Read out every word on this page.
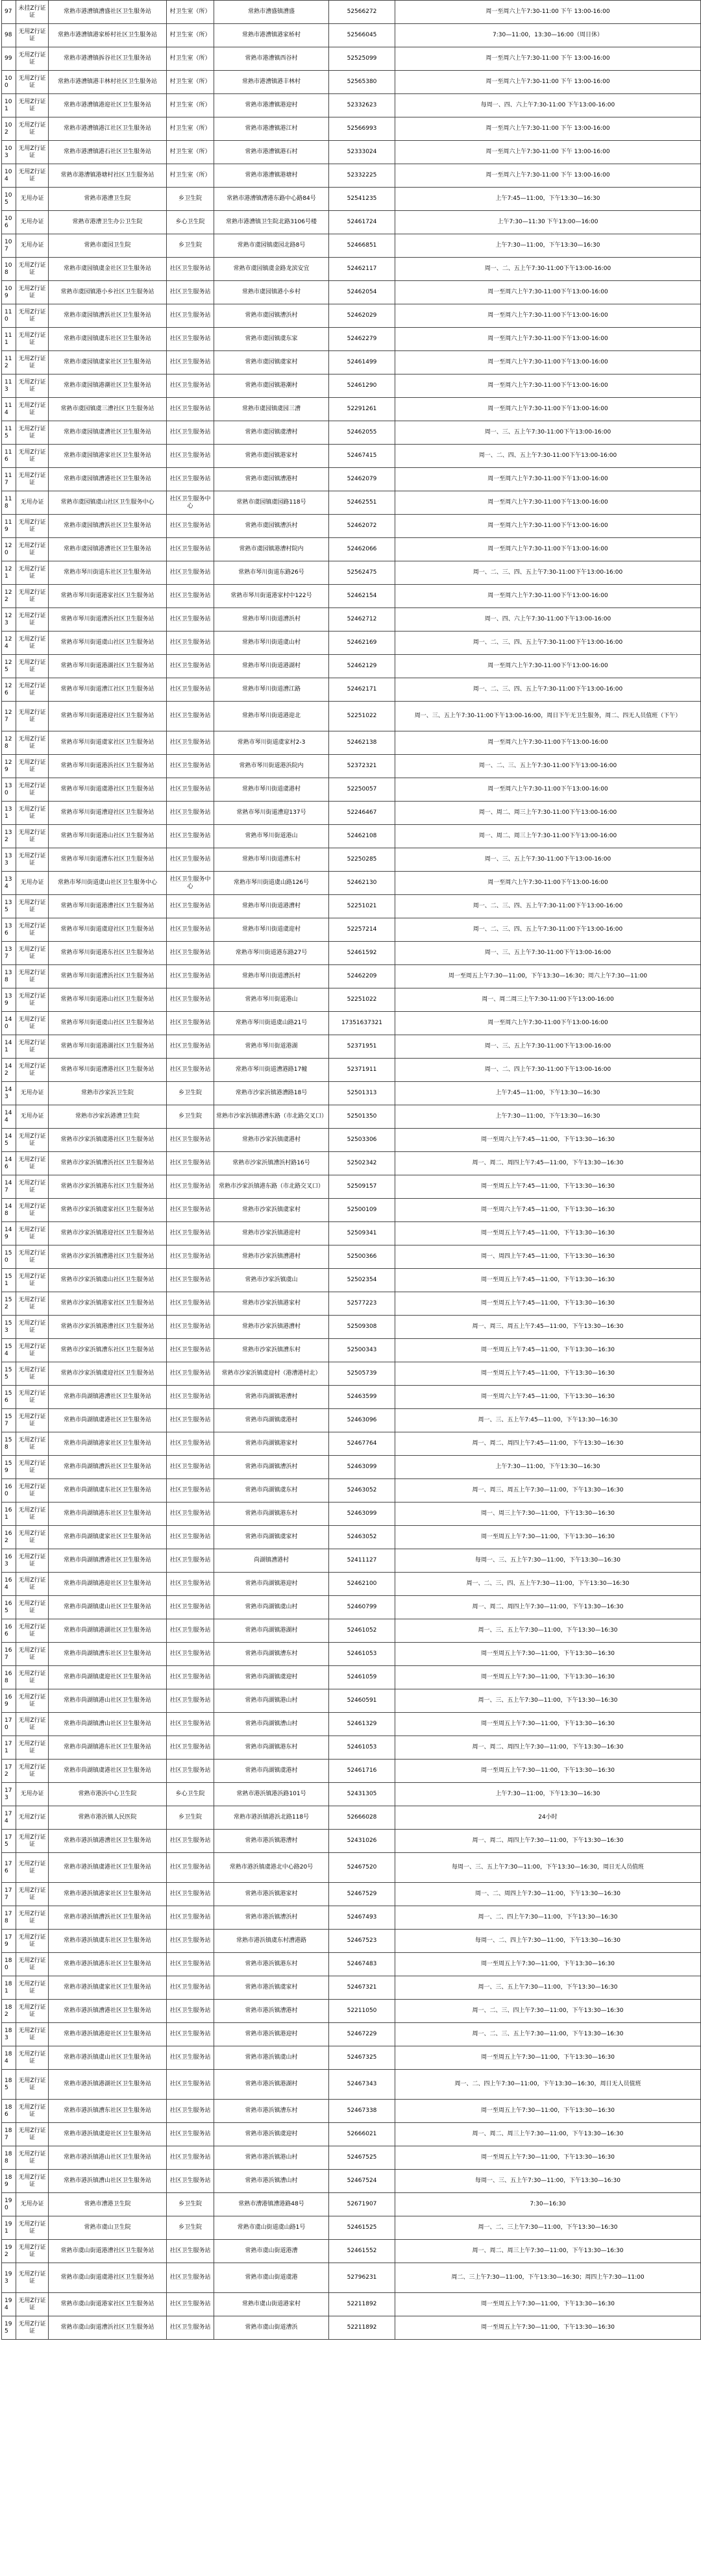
97	未挂Z行证证	常熟市港漕镇漕盛社区卫生服务站	村卫生室（所）	常熟市漕盛镇漕盛	52566272	周一至周六上午7:30-11:00 下午 13:00-16:00
98	无用Z行证证	常熟市港漕镇港家桥村社区卫生服务站	村卫生室（所）	常熟市港漕镇港家桥村	52566045	7:30—11:00，13:30—16:00（周日休）
99	无用Z行证证	常熟市港漕镇拆谷社区卫生服务站	村卫生室（所）	常熟市港漕镇西谷村	52525099	周一至周六上午7:30-11:00 下午 13:00-16:00
100	无用Z行证证	常熟市港漕镇港丰林村社区卫生服务站	村卫生室（所）	常熟市港漕镇港丰林村	52565380	周一至周六上午7:30-11:00 下午 13:00-16:00
101	无用Z行证证	常熟市港漕镇港迎社区卫生服务站	村卫生室（所）	常熟市港漕镇港迎村	52332623	每周一、四、六上午7:30-11:00 下午13:00-16:00
102	无用Z行证证	常熟市港漕镇港江社区卫生服务站	村卫生室（所）	常熟市港漕镇港江村	52566993	周一至周六上午7:30-11:00 下午 13:00-16:00
103	无用Z行证证	常熟市港漕镇港石社区卫生服务站	村卫生室（所）	常熟市港漕镇港石村	52333024	周一至周六上午7:30-11:00 下午 13:00-16:00
104	无用Z行证证	常熟市港漕镇港塘村社区卫生服务站	村卫生室（所）	常熟市港漕镇港塘村	52332225	周一至周六上午7:30-11:00 下午 13:00-16:00
105	无用办证	常熟市港漕卫生院	乡卫生院	常熟市港漕镇漕港东路中心路84号	52541235	上午7:45—11:00，下午13:30—16:30
106	无用办证	常熟市港漕卫生办公卫生院	乡心卫生院	常熟市港漕镇卫生院北路3106号楼	52461724	上午7:30—11:30 下午13:00—16:00
107	无用办证	常熟市虞园卫生院	乡卫生院	常熟市虞园镇虞园北路8号	52466851	上午7:30—11:00，下午13:30—16:30
108	无用Z行证证	常熟市虞园镇虞金社区卫生服务站	社区卫生服务站	常熟市虞园镇虞金路龙滨安宜	52462117	周一、二、五上午7:30-11:00下午13:00-16:00
109	无用Z行证证	常熟市虞园镇港小乡社区卫生服务站	社区卫生服务站	常熟市虞园镇港小乡村	52462054	周一至周六上午7:30-11:00下午13:00-16:00
110	无用Z行证证	常熟市虞园镇漕浜社区卫生服务站	社区卫生服务站	常熟市虞园镇漕浜村	52462029	周一至周六上午7:30-11:00下午13:00-16:00
111	无用Z行证证	常熟市虞园镇虞东社区卫生服务站	社区卫生服务站	常熟市虞园镇虞东家	52462279	周一至周六上午7:30-11:00下午13:00-16:00
112	无用Z行证证	常熟市虞园镇虞家社区卫生服务站	社区卫生服务站	常熟市虞园镇虞家村	52461499	周一至周六上午7:30-11:00下午13:00-16:00
113	无用Z行证证	常熟市虞园镇港潮社区卫生服务站	社区卫生服务站	常熟市虞园镇港潮村	52461290	周一至周六上午7:30-11:00下午13:00-16:00
114	无用Z行证证	常熟市虞园镇虞三漕社区卫生服务站	社区卫生服务站	常熟市虞园镇虞园三漕	52291261	周一至周六上午7:30-11:00下午13:00-16:00
115	无用Z行证证	常熟市虞园镇虞漕社区卫生服务站	社区卫生服务站	常熟市虞园镇虞漕村	52462055	周一、三、五上午7:30-11:00下午13:00-16:00
116	无用Z行证证	常熟市虞园镇港家社区卫生服务站	社区卫生服务站	常熟市虞园镇港家村	52467415	周一、二、四、五上午7:30-11:00下午13:00-16:00
117	无用Z行证证	常熟市虞园镇漕港社区卫生服务站	社区卫生服务站	常熟市虞园镇漕港村	52462079	周一至周六上午7:30-11:00下午13:00-16:00
118	无用办证	常熟市虞园镇虞山社区卫生服务中心	社区卫生服务中心	常熟市虞园镇虞园路118号	52462551	周一至周六上午7:30-11:00下午13:00-16:00
119	无用Z行证证	常熟市虞园镇漕浜社区卫生服务站	社区卫生服务站	常熟市虞园镇漕浜村	52462072	周一至周六上午7:30-11:00下午13:00-16:00
120	无用Z行证证	常熟市虞园镇港漕社区卫生服务站	社区卫生服务站	常熟市虞园镇港漕村院内	52462066	周一至周六上午7:30-11:00下午13:00-16:00
121	无用Z行证证	常熟市琴川街道东社区卫生服务站	社区卫生服务站	常熟市琴川街道东路26号	52562475	周一、二、三、四、五上午7:30-11:00下午13:00-16:00
122	无用Z行证证	常熟市琴川街道港家社区卫生服务站	社区卫生服务站	常熟市琴川街道港家村中122号	52462154	周一至周六上午7:30-11:00下午13:00-16:00
123	无用Z行证证	常熟市琴川街道漕浜社区卫生服务站	社区卫生服务站	常熟市琴川街道漕浜村	52462712	周一、四、六上午7:30-11:00下午13:00-16:00
124	无用Z行证证	常熟市琴川街道虞山社区卫生服务站	社区卫生服务站	常熟市琴川街道虞山村	52462169	周一、二、三、四、五上午7:30-11:00下午13:00-16:00
125	无用Z行证证	常熟市琴川街道港湖社区卫生服务站	社区卫生服务站	常熟市琴川街道港湖村	52462129	周一至周六上午7:30-11:00下午13:00-16:00
126	无用Z行证证	常熟市琴川街道漕江社区卫生服务站	社区卫生服务站	常熟市琴川街道漕江路	52462171	周一、二、三、四、五上午7:30-11:00下午13:00-16:00
127	无用Z行证证	常熟市琴川街道港迎社区卫生服务站	社区卫生服务站	常熟市琴川街道港迎北	52251022	周一、三、五上午7:30-11:00下午13:00-16:00，周日下午无卫生服务，周二、四无人员值班（下午）
128	无用Z行证证	常熟市琴川街道虞家社区卫生服务站	社区卫生服务站	常熟市琴川街道虞家村2-3	52462138	周一至周六上午7:30-11:00下午13:00-16:00
129	无用Z行证证	常熟市琴川街道港浜社区卫生服务站	社区卫生服务站	常熟市琴川街道港浜院内	52372321	周一、二、三、五上午7:30-11:00下午13:00-16:00
130	无用Z行证证	常熟市琴川街道虞港社区卫生服务站	社区卫生服务站	常熟市琴川街道虞港村	52250057	周一至周六上午7:30-11:00下午13:00-16:00
131	无用Z行证证	常熟市琴川街道漕迎社区卫生服务站	社区卫生服务站	常熟市琴川街道漕迎137号	52246467	周一、周二、周三上午7:30-11:00下午13:00-16:00
132	无用Z行证证	常熟市琴川街道港山社区卫生服务站	社区卫生服务站	常熟市琴川街道港山	52462108	周一、周二、周三上午7:30-11:00下午13:00-16:00
133	无用Z行证证	常熟市琴川街道漕东社区卫生服务站	社区卫生服务站	常熟市琴川街道漕东村	52250285	周一、三、五上午7:30-11:00下午13:00-16:00
134	无用办证	常熟市琴川街道虞山社区卫生服务中心	社区卫生服务中心	常熟市琴川街道虞山路126号	52462130	周一至周六上午7:30-11:00下午13:00-16:00
135	无用Z行证证	常熟市琴川街道港漕社区卫生服务站	社区卫生服务站	常熟市琴川街道港漕村	52251021	周一、二、三、四、五上午7:30-11:00下午13:00-16:00
136	无用Z行证证	常熟市琴川街道虞迎社区卫生服务站	社区卫生服务站	常熟市琴川街道虞迎村	52257214	周一、二、三、四、五上午7:30-11:00下午13:00-16:00
137	无用Z行证证	常熟市琴川街道港东社区卫生服务站	社区卫生服务站	常熟市琴川街道港东路27号	52461592	周一、三、五上午7:30-11:00下午13:00-16:00
138	无用Z行证证	常熟市琴川街道漕浜社区卫生服务站	社区卫生服务站	常熟市琴川街道漕浜村	52462209	周一至周五上午7:30—11:00，下午13:30—16:30；周六上午7:30—11:00
139	无用Z行证证	常熟市琴川街道港山社区卫生服务站	社区卫生服务站	常熟市琴川街道港山	52251022	周一、周二周三上午7:30-11:00下午13:00-16:00
140	无用Z行证证	常熟市琴川街道虞山社区卫生服务站	社区卫生服务站	常熟市琴川街道虞山路21号	17351637321	周一至周六上午7:30-11:00下午13:00-16:00
141	无用Z行证证	常熟市琴川街道港湖社区卫生服务站	社区卫生服务站	常熟市琴川街道港湖	52371951	周一、三、五上午7:30-11:00下午13:00-16:00
142	无用Z行证证	常熟市琴川街道漕港社区卫生服务站	社区卫生服务站	常熟市琴川街道漕港路17幢	52371911	周一、二、四上午7:30-11:00下午13:00-16:00
143	无用办证	常熟市沙家浜卫生院	乡卫生院	常熟市沙家浜镇港漕路18号	52501313	上午7:45—11:00，下午13:30—16:30
144	无用办证	常熟市沙家浜港漕卫生院	乡卫生院	常熟市沙家浜镇港漕东路（市北路交叉口）	52501350	上午7:30—11:00，下午13:30—16:30
145	无用Z行证证	常熟市沙家浜镇虞港社区卫生服务站	社区卫生服务站	常熟市沙家浜镇虞港村	52503306	周一至周六上午7:45—11:00，下午13:30—16:30
146	无用Z行证证	常熟市沙家浜镇漕浜社区卫生服务站	社区卫生服务站	常熟市沙家浜镇漕浜村路16号	52502342	周一、周二、周四上午7:45—11:00，下午13:30—16:30
147	无用Z行证证	常熟市沙家浜镇港东社区卫生服务站	社区卫生服务站	常熟市沙家浜镇港东路（市北路交叉口）	52509157	周一至周五上午7:45—11:00，下午13:30—16:30
148	无用Z行证证	常熟市沙家浜镇虞家社区卫生服务站	社区卫生服务站	常熟市沙家浜镇虞家村	52500109	周一至周六上午7:45—11:00，下午13:30—16:30
149	无用Z行证证	常熟市沙家浜镇港迎社区卫生服务站	社区卫生服务站	常熟市沙家浜镇港迎村	52509341	周一至周五上午7:45—11:00，下午13:30—16:30
150	无用Z行证证	常熟市沙家浜镇漕港社区卫生服务站	社区卫生服务站	常熟市沙家浜镇漕港村	52500366	周一、周四上午7:45—11:00，下午13:30—16:30
151	无用Z行证证	常熟市沙家浜镇虞山社区卫生服务站	社区卫生服务站	常熟市沙家浜镇虞山	52502354	周一至周五上午7:45—11:00，下午13:30—16:30
152	无用Z行证证	常熟市沙家浜镇港家社区卫生服务站	社区卫生服务站	常熟市沙家浜镇港家村	52577223	周一至周五上午7:45—11:00，下午13:30—16:30
153	无用Z行证证	常熟市沙家浜镇港漕社区卫生服务站	社区卫生服务站	常熟市沙家浜镇港漕村	52509308	周一、周三、周五上午7:45—11:00，下午13:30—16:30
154	无用Z行证证	常熟市沙家浜镇漕东社区卫生服务站	社区卫生服务站	常熟市沙家浜镇漕东村	52500343	周一至周五上午7:45—11:00，下午13:30—16:30
155	无用Z行证证	常熟市沙家浜镇虞迎社区卫生服务站	社区卫生服务站	常熟市沙家浜镇虞迎村（港漕港村北）	52505739	周一至周五上午7:45—11:00，下午13:30—16:30
156	无用Z行证证	常熟市尚湖镇港漕社区卫生服务站	社区卫生服务站	常熟市尚湖镇港漕村	52463599	周一至周六上午7:45—11:00，下午13:30—16:30
157	无用Z行证证	常熟市尚湖镇虞港社区卫生服务站	社区卫生服务站	常熟市尚湖镇虞港村	52463096	周一、三、五上午7:45—11:00，下午13:30—16:30
158	无用Z行证证	常熟市尚湖镇港家社区卫生服务站	社区卫生服务站	常熟市尚湖镇港家村	52467764	周一、周二、周四上午7:45—11:00，下午13:30—16:30
159	无用Z行证证	常熟市尚湖镇漕浜社区卫生服务站	社区卫生服务站	常熟市尚湖镇漕浜村	52463099	上午7:30—11:00，下午13:30—16:30
160	无用Z行证证	常熟市尚湖镇虞东社区卫生服务站	社区卫生服务站	常熟市尚湖镇虞东村	52463052	周一、周三、周五上午7:30—11:00，下午13:30—16:30
161	无用Z行证证	常熟市尚湖镇港东社区卫生服务站	社区卫生服务站	常熟市尚湖镇港东村	52463099	周一、周三上午7:30—11:00，下午13:30—16:30
162	无用Z行证证	常熟市尚湖镇虞家社区卫生服务站	社区卫生服务站	常熟市尚湖镇虞家村	52463052	周一至周五上午7:30—11:00，下午13:30—16:30
163	无用Z行证证	常熟市尚湖镇漕港社区卫生服务站	社区卫生服务站	尚湖镇漕港村	52411127	每周一、三、五上午7:30—11:00，下午13:30—16:30
164	无用Z行证证	常熟市尚湖镇港迎社区卫生服务站	社区卫生服务站	常熟市尚湖镇港迎村	52462100	周一、二、三、四、五上午7:30—11:00，下午13:30—16:30
165	无用Z行证证	常熟市尚湖镇虞山社区卫生服务站	社区卫生服务站	常熟市尚湖镇虞山村	52460799	周一、周二、周四上午7:30—11:00，下午13:30—16:30
166	无用Z行证证	常熟市尚湖镇港湖社区卫生服务站	社区卫生服务站	常熟市尚湖镇港湖村	52461052	周一、三、五上午7:30—11:00，下午13:30—16:30
167	无用Z行证证	常熟市尚湖镇漕东社区卫生服务站	社区卫生服务站	常熟市尚湖镇漕东村	52461053	周一至周五上午7:30—11:00，下午13:30—16:30
168	无用Z行证证	常熟市尚湖镇虞迎社区卫生服务站	社区卫生服务站	常熟市尚湖镇虞迎村	52461059	周一至周五上午7:30—11:00，下午13:30—16:30
169	无用Z行证证	常熟市尚湖镇港山社区卫生服务站	社区卫生服务站	常熟市尚湖镇港山村	52460591	周一、三、五上午7:30—11:00，下午13:30—16:30
170	无用Z行证证	常熟市尚湖镇漕山社区卫生服务站	社区卫生服务站	常熟市尚湖镇漕山村	52461329	周一至周五上午7:30—11:00，下午13:30—16:30
171	无用Z行证证	常熟市尚湖镇港东社区卫生服务站	社区卫生服务站	常熟市尚湖镇港东村	52461053	周一、周二、周四上午7:30—11:00，下午13:30—16:30
172	无用Z行证证	常熟市尚湖镇虞港社区卫生服务站	社区卫生服务站	常熟市尚湖镇虞港村	52461716	周一至周五上午7:30—11:00，下午13:30—16:30
173	无用办证	常熟市港浜中心卫生院	乡心卫生院	常熟市港浜镇港浜路101号	52431305	上午7:30—11:00，下午13:30—16:30
174	无用Z行证	常熟市港浜镇人民医院	乡卫生院	常熟市港浜镇港浜北路118号	52666028	24小时
175	无用Z行证证	常熟市港浜镇港漕社区卫生服务站	社区卫生服务站	常熟市港浜镇港漕村	52431026	周一、周二、周四上午7:30—11:00，下午13:30—16:30
176	无用Z行证证	常熟市港浜镇虞港社区卫生服务站	社区卫生服务站	常熟市港浜镇虞港北中心路20号	52467520	每周一、三、五上午7:30—11:00，下午13:30—16:30，周日无人员值班
177	无用Z行证证	常熟市港浜镇港家社区卫生服务站	社区卫生服务站	常熟市港浜镇港家村	52467529	周一、二、周四上午7:30—11:00，下午13:30—16:30
178	无用Z行证证	常熟市港浜镇漕浜社区卫生服务站	社区卫生服务站	常熟市港浜镇漕浜村	52467493	周一、二、四上午7:30—11:00，下午13:30—16:30
179	无用Z行证证	常熟市港浜镇虞东社区卫生服务站	社区卫生服务站	常熟市港浜镇虞东村漕港路	52467523	每周一、二、四上午7:30—11:00，下午13:30—16:30
180	无用Z行证证	常熟市港浜镇港东社区卫生服务站	社区卫生服务站	常熟市港浜镇港东村	52467483	周一至周五上午7:30—11:00，下午13:30—16:30
181	无用Z行证证	常熟市港浜镇虞家社区卫生服务站	社区卫生服务站	常熟市港浜镇虞家村	52467321	周一、三、五上午7:30—11:00，下午13:30—16:30
182	无用Z行证证	常熟市港浜镇漕港社区卫生服务站	社区卫生服务站	常熟市港浜镇漕港村	52211050	周一、二、三、四上午7:30—11:00，下午13:30—16:30
183	无用Z行证证	常熟市港浜镇港迎社区卫生服务站	社区卫生服务站	常熟市港浜镇港迎村	52467229	周一、二、三、五上午7:30—11:00，下午13:30—16:30
184	无用Z行证证	常熟市港浜镇虞山社区卫生服务站	社区卫生服务站	常熟市港浜镇虞山村	52467325	周一至周五上午7:30—11:00，下午13:30—16:30
185	无用Z行证证	常熟市港浜镇港湖社区卫生服务站	社区卫生服务站	常熟市港浜镇港湖村	52467343	周一、二、四上午7:30—11:00，下午13:30—16:30，周日无人员值班
186	无用Z行证证	常熟市港浜镇漕东社区卫生服务站	社区卫生服务站	常熟市港浜镇漕东村	52467338	周一至周五上午7:30—11:00，下午13:30—16:30
187	无用Z行证证	常熟市港浜镇虞迎社区卫生服务站	社区卫生服务站	常熟市港浜镇虞迎村	52666021	周一、周二、周三上午7:30—11:00，下午13:30—16:30
188	无用Z行证证	常熟市港浜镇港山社区卫生服务站	社区卫生服务站	常熟市港浜镇港山村	52467525	周一至周五上午7:30—11:00，下午13:30—16:30
189	无用Z行证证	常熟市港浜镇漕山社区卫生服务站	社区卫生服务站	常熟市港浜镇漕山村	52467524	每周一、三、五上午7:30—11:00，下午13:30—16:30
190	无用办证	常熟市漕港卫生院	乡卫生院	常熟市漕港镇漕港路48号	52671907	7:30—16:30
191	无用Z行证证	常熟市虞山卫生院	乡卫生院	常熟市虞山街道虞山路1号	52461525	周一、二、三上午7:30—11:00，下午13:30—16:30
192	无用Z行证证	常熟市虞山街道港漕社区卫生服务站	社区卫生服务站	常熟市虞山街道港漕	52461552	周一、周二、周三上午7:30—11:00，下午13:30—16:30
193	无用Z行证证	常熟市虞山街道虞港社区卫生服务站	社区卫生服务站	常熟市虞山街道虞港	52796231	周二、三上午7:30—11:00，下午13:30—16:30；周四上午7:30—11:00
194	无用Z行证证	常熟市虞山街道港家社区卫生服务站	社区卫生服务站	常熟市虞山街道港家村	52211892	周一至周五上午7:30—11:00，下午13:30—16:30
195	无用Z行证证	常熟市虞山街道漕浜社区卫生服务站	社区卫生服务站	常熟市虞山街道漕浜	52211892	周一至周五上午7:30—11:00，下午13:30—16:30
